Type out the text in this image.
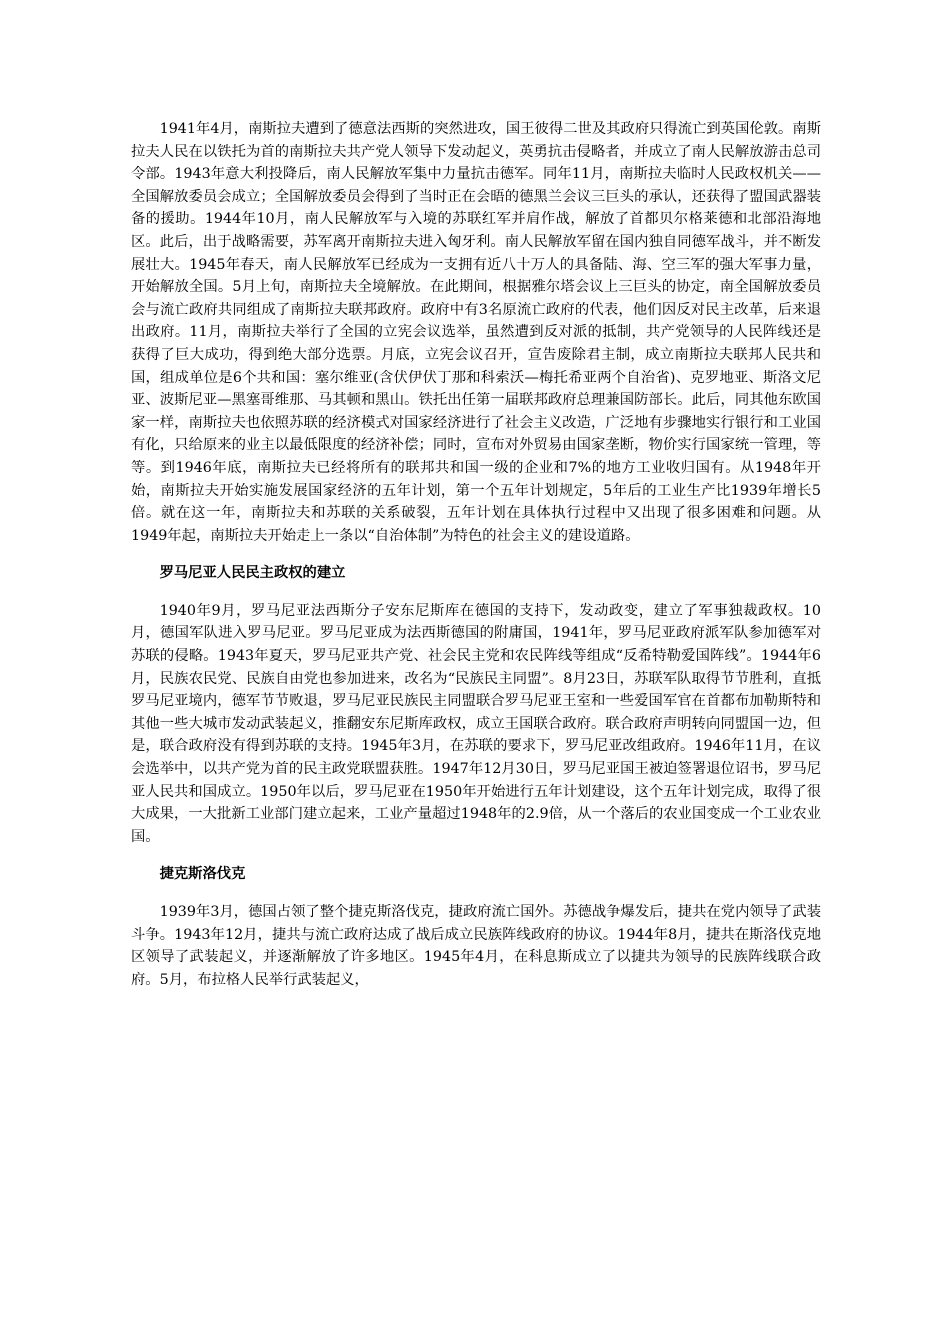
1941年4月，南斯拉夫遭到了德意法西斯的突然进攻，国王彼得二世及其政府只得流亡到英国伦敦。南斯拉夫人民在以铁托为首的南斯拉夫共产党人领导下发动起义，英勇抗击侵略者，并成立了南人民解放游击总司令部。1943年意大利投降后，南人民解放军集中力量抗击德军。同年11月，南斯拉夫临时人民政权机关——全国解放委员会成立；全国解放委员会得到了当时正在会晤的德黑兰会议三巨头的承认，还获得了盟国武器装备的援助。1944年10月，南人民解放军与入境的苏联红军并肩作战，解放了首都贝尔格莱德和北部沿海地区。此后，出于战略需要，苏军离开南斯拉夫进入匈牙利。南人民解放军留在国内独自同德军战斗，并不断发展壮大。1945年春天，南人民解放军已经成为一支拥有近八十万人的具备陆、海、空三军的强大军事力量，开始解放全国。5月上旬，南斯拉夫全境解放。在此期间，根据雅尔塔会议上三巨头的协定，南全国解放委员会与流亡政府共同组成了南斯拉夫联邦政府。政府中有3名原流亡政府的代表，他们因反对民主改革，后来退出政府。11月，南斯拉夫举行了全国的立宪会议选举，虽然遭到反对派的抵制，共产党领导的人民阵线还是获得了巨大成功，得到绝大部分选票。月底，立宪会议召开，宣告废除君主制，成立南斯拉夫联邦人民共和国，组成单位是6个共和国：塞尔维亚(含伏伊伏丁那和科索沃—梅托希亚两个自治省)、克罗地亚、斯洛文尼亚、波斯尼亚—黑塞哥维那、马其顿和黑山。铁托出任第一届联邦政府总理兼国防部长。此后，同其他东欧国家一样，南斯拉夫也依照苏联的经济模式对国家经济进行了社会主义改造，广泛地有步骤地实行银行和工业国有化，只给原来的业主以最低限度的经济补偿；同时，宣布对外贸易由国家垄断，物价实行国家统一管理，等等。到1946年底，南斯拉夫已经将所有的联邦共和国一级的企业和7%的地方工业收归国有。从1948年开始，南斯拉夫开始实施发展国家经济的五年计划，第一个五年计划规定，5年后的工业生产比1939年增长5倍。就在这一年，南斯拉夫和苏联的关系破裂，五年计划在具体执行过程中又出现了很多困难和问题。从1949年起，南斯拉夫开始走上一条以“自治体制”为特色的社会主义的建设道路。

罗马尼亚人民民主政权的建立

1940年9月，罗马尼亚法西斯分子安东尼斯库在德国的支持下，发动政变，建立了军事独裁政权。10月，德国军队进入罗马尼亚。罗马尼亚成为法西斯德国的附庸国，1941年，罗马尼亚政府派军队参加德军对苏联的侵略。1943年夏天，罗马尼亚共产党、社会民主党和农民阵线等组成“反希特勒爱国阵线”。1944年6月，民族农民党、民族自由党也参加进来，改名为“民族民主同盟”。8月23日，苏联军队取得节节胜利，直抵罗马尼亚境内，德军节节败退，罗马尼亚民族民主同盟联合罗马尼亚王室和一些爱国军官在首都布加勒斯特和其他一些大城市发动武装起义，推翻安东尼斯库政权，成立王国联合政府。联合政府声明转向同盟国一边，但是，联合政府没有得到苏联的支持。1945年3月，在苏联的要求下，罗马尼亚改组政府。1946年11月，在议会选举中，以共产党为首的民主政党联盟获胜。1947年12月30日，罗马尼亚国王被迫签署退位诏书，罗马尼亚人民共和国成立。1950年以后，罗马尼亚在1950年开始进行五年计划建设，这个五年计划完成，取得了很大成果，一大批新工业部门建立起来，工业产量超过1948年的2.9倍，从一个落后的农业国变成一个工业农业国。

捷克斯洛伐克

1939年3月，德国占领了整个捷克斯洛伐克，捷政府流亡国外。苏德战争爆发后，捷共在党内领导了武装斗争。1943年12月，捷共与流亡政府达成了战后成立民族阵线政府的协议。1944年8月，捷共在斯洛伐克地区领导了武装起义，并逐渐解放了许多地区。1945年4月，在科息斯成立了以捷共为领导的民族阵线联合政府。5月，布拉格人民举行武装起义，
